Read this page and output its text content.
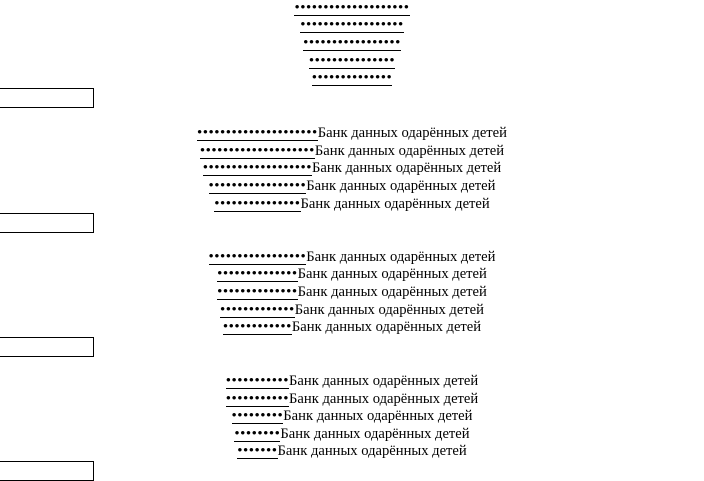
••••••••••••••••••••
••••••••••••••••••
•••••••••••••••••
•••••••••••••••
••••••••••••••
•••••••••••••••••••••Банк данных одарённых детей
••••••••••••••••••••Банк данных одарённых детей
•••••••••••••••••••Банк данных одарённых детей
•••••••••••••••••Банк данных одарённых детей
•••••••••••••••Банк данных одарённых детей
•••••••••••••••••Банк данных одарённых детей
••••••••••••••Банк данных одарённых детей
••••••••••••••Банк данных одарённых детей
•••••••••••••Банк данных одарённых детей
••••••••••••Банк данных одарённых детей
•••••••••••Банк данных одарённых детей
•••••••••••Банк данных одарённых детей
•••••••••Банк данных одарённых детей
••••••••Банк данных одарённых детей
•••••••Банк данных одарённых детей
